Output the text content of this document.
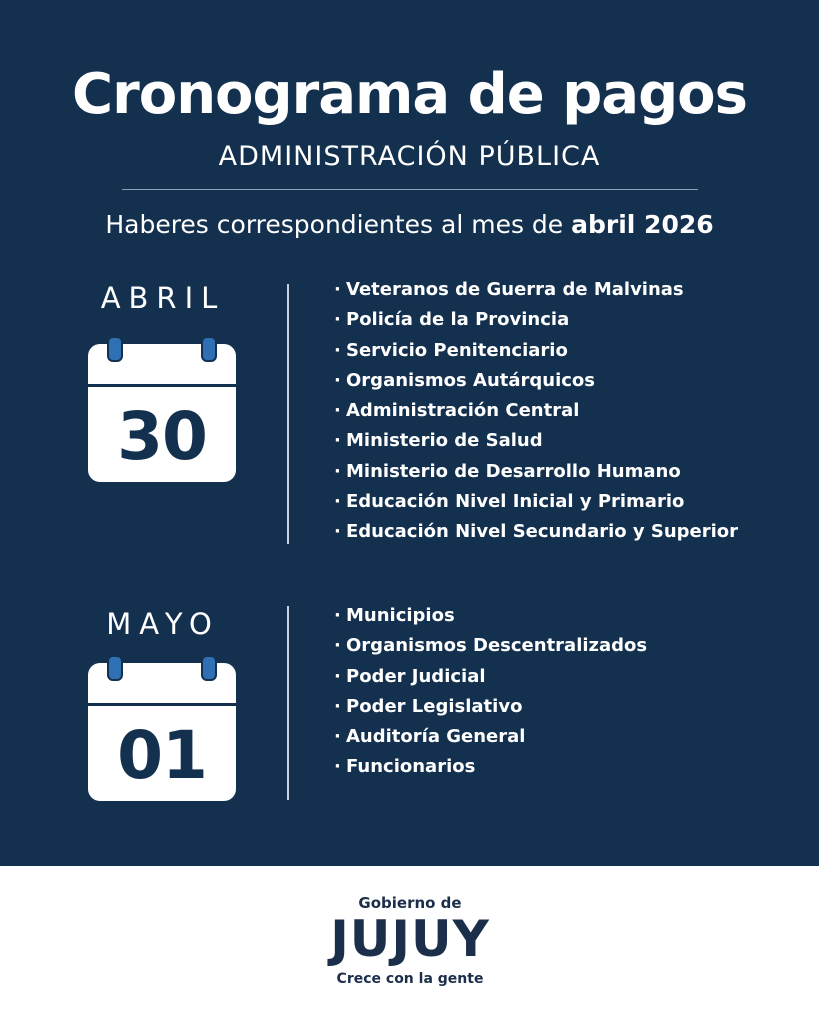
Cronograma de pagos
ADMINISTRACIÓN PÚBLICA
Haberes correspondientes al mes de abril 2026
ABRIL
30
· Veteranos de Guerra de Malvinas
· Policía de la Provincia
· Servicio Penitenciario
· Organismos Autárquicos
· Administración Central
· Ministerio de Salud
· Ministerio de Desarrollo Humano
· Educación Nivel Inicial y Primario
· Educación Nivel Secundario y Superior
MAYO
01
· Municipios
· Organismos Descentralizados
· Poder Judicial
· Poder Legislativo
· Auditoría General
· Funcionarios
Gobierno de
JUJUY
Crece con la gente
